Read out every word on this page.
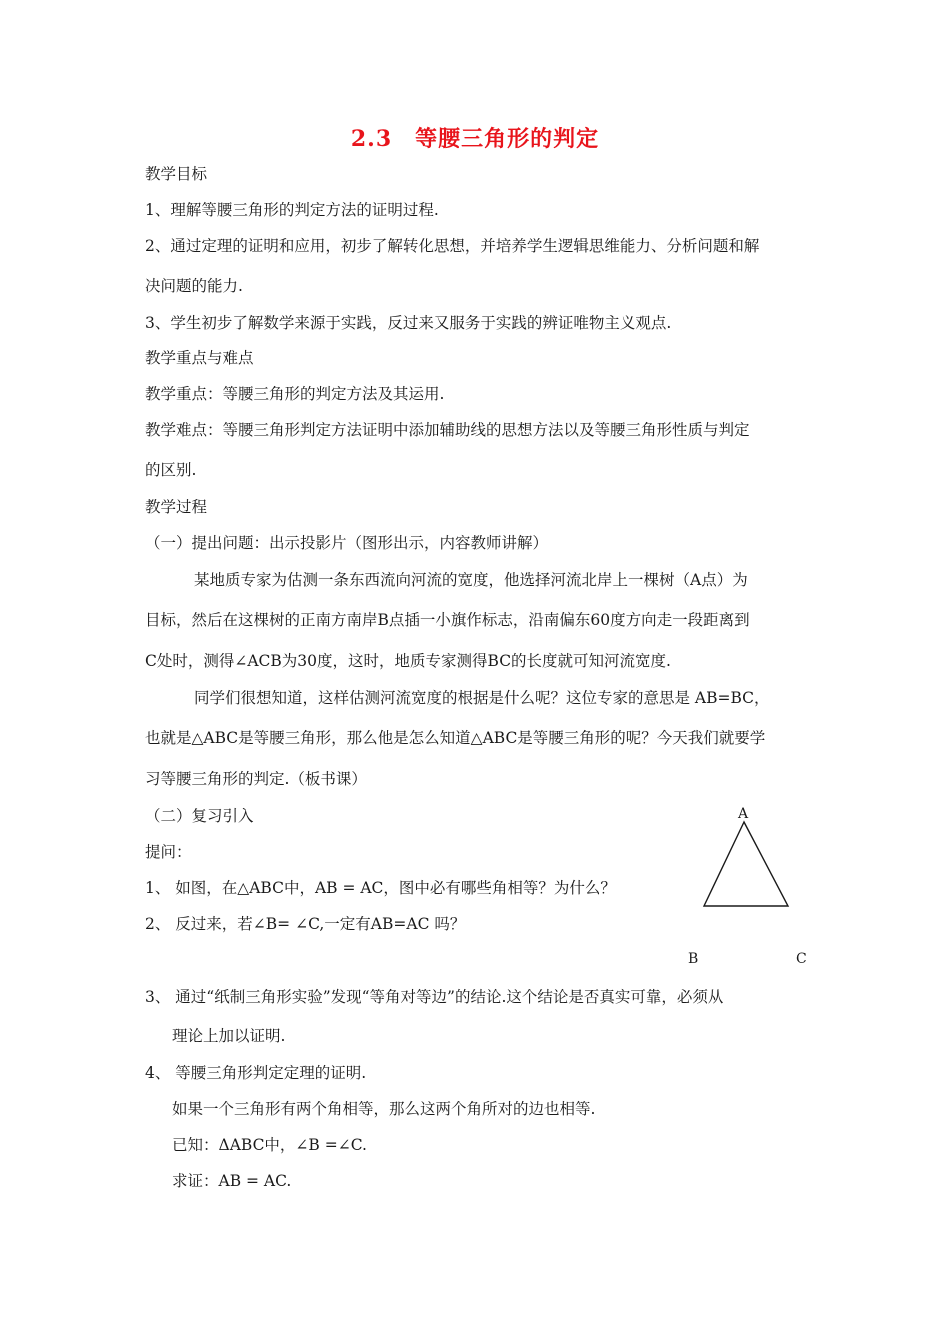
2.3　等腰三角形的判定
教学目标
1、理解等腰三角形的判定方法的证明过程.
2、通过定理的证明和应用，初步了解转化思想，并培养学生逻辑思维能力、分析问题和解
决问题的能力.
3、学生初步了解数学来源于实践，反过来又服务于实践的辨证唯物主义观点.
教学重点与难点
教学重点：等腰三角形的判定方法及其运用.
教学难点：等腰三角形判定方法证明中添加辅助线的思想方法以及等腰三角形性质与判定
的区别.
教学过程
（一）提出问题：出示投影片（图形出示，内容教师讲解）
某地质专家为估测一条东西流向河流的宽度，他选择河流北岸上一棵树（A点）为
目标，然后在这棵树的正南方南岸B点插一小旗作标志，沿南偏东60度方向走一段距离到
C处时，测得∠ACB为30度，这时，地质专家测得BC的长度就可知河流宽度.
同学们很想知道，这样估测河流宽度的根据是什么呢？这位专家的意思是 AB=BC，
也就是△ABC是等腰三角形，那么他是怎么知道△ABC是等腰三角形的呢？今天我们就要学
习等腰三角形的判定.（板书课）
（二）复习引入
提问：
1、 如图，在△ABC中，AB = AC，图中必有哪些角相等？为什么？
2、 反过来，若∠B= ∠C,一定有AB=AC 吗？
3、 通过“纸制三角形实验”发现“等角对等边”的结论.这个结论是否真实可靠，必须从
理论上加以证明.
4、 等腰三角形判定定理的证明.
如果一个三角形有两个角相等，那么这两个角所对的边也相等.
已知：ΔABC中，∠B =∠C.
求证：AB = AC.
A
B	C
